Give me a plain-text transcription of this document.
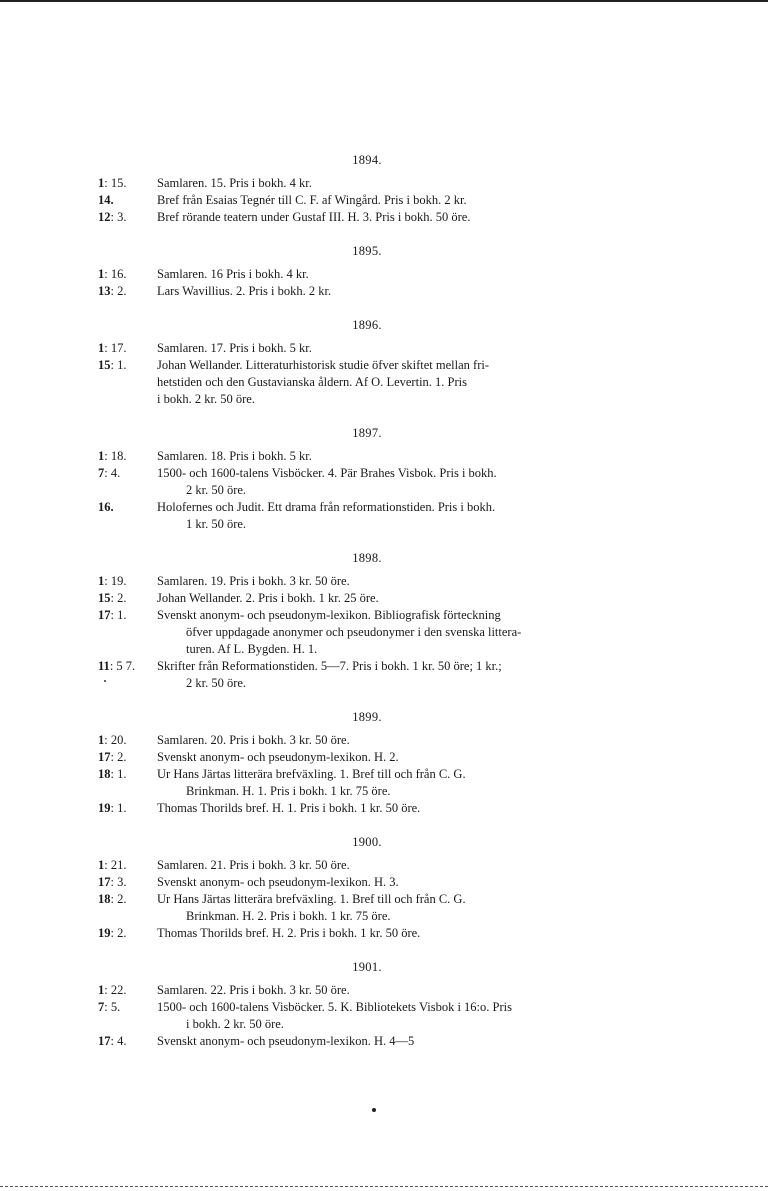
1894.
1: 15.	Samlaren. 15. Pris i bokh. 4 kr.
14.	Bref från Esaias Tegnér till C. F. af Wingård. Pris i bokh. 2 kr.
12: 3.	Bref rörande teatern under Gustaf III. H. 3. Pris i bokh. 50 öre.
1895.
1: 16.	Samlaren. 16 Pris i bokh. 4 kr.
13: 2.	Lars Wavillius. 2. Pris i bokh. 2 kr.
1896.
1: 17.	Samlaren. 17. Pris i bokh. 5 kr.
15: 1.	Johan Wellander. Litteraturhistorisk studie öfver skiftet mellan fri-
hetstiden och den Gustavianska åldern. Af O. Levertin. 1. Pris
i bokh. 2 kr. 50 öre.
1897.
1: 18.	Samlaren. 18. Pris i bokh. 5 kr.
7: 4.	1500- och 1600-talens Visböcker. 4. Pär Brahes Visbok. Pris i bokh.
2 kr. 50 öre.
16.	Holofernes och Judit. Ett drama från reformationstiden. Pris i bokh.
1 kr. 50 öre.
1898.
1: 19.	Samlaren. 19. Pris i bokh. 3 kr. 50 öre.
15: 2.	Johan Wellander. 2. Pris i bokh. 1 kr. 25 öre.
17: 1.	Svenskt anonym- och pseudonym-lexikon. Bibliografisk förteckning
öfver uppdagade anonymer och pseudonymer i den svenska littera-
turen. Af L. Bygden. H. 1.
11: 5 7.	Skrifter från Reformationstiden. 5—7. Pris i bokh. 1 kr. 50 öre; 1 kr.;
2 kr. 50 öre.
1899.
1: 20.	Samlaren. 20. Pris i bokh. 3 kr. 50 öre.
17: 2.	Svenskt anonym- och pseudonym-lexikon. H. 2.
18: 1.	Ur Hans Järtas litterära brefväxling. 1. Bref till och från C. G.
Brinkman. H. 1. Pris i bokh. 1 kr. 75 öre.
19: 1.	Thomas Thorilds bref. H. 1. Pris i bokh. 1 kr. 50 öre.
1900.
1: 21.	Samlaren. 21. Pris i bokh. 3 kr. 50 öre.
17: 3.	Svenskt anonym- och pseudonym-lexikon. H. 3.
18: 2.	Ur Hans Järtas litterära brefväxling. 1. Bref till och från C. G.
Brinkman. H. 2. Pris i bokh. 1 kr. 75 öre.
19: 2.	Thomas Thorilds bref. H. 2. Pris i bokh. 1 kr. 50 öre.
1901.
1: 22.	Samlaren. 22. Pris i bokh. 3 kr. 50 öre.
7: 5.	1500- och 1600-talens Visböcker. 5. K. Bibliotekets Visbok i 16:o. Pris
i bokh. 2 kr. 50 öre.
17: 4.	Svenskt anonym- och pseudonym-lexikon. H. 4—5
